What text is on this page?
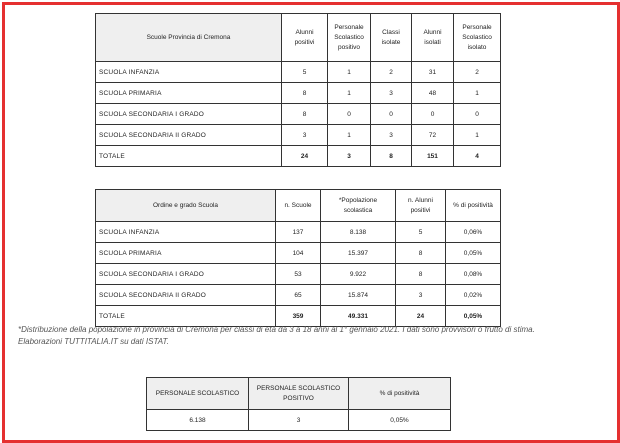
Scuole Provincia di Cremona	Alunni positivi	Personale Scolastico positivo	Classi isolate	Alunni isolati	Personale Scolastico isolato
SCUOLA INFANZIA	5	1	2	31	2
SCUOLA PRIMARIA	8	1	3	48	1
SCUOLA SECONDARIA I GRADO	8	0	0	0	0
SCUOLA SECONDARIA II GRADO	3	1	3	72	1
TOTALE	24	3	8	151	4
Ordine e grado Scuola	n. Scuole	*Popolazione scolastica	n. Alunni positivi	% di positività
SCUOLA INFANZIA	137	8.138	5	0,06%
SCUOLA PRIMARIA	104	15.397	8	0,05%
SCUOLA SECONDARIA I GRADO	53	9.922	8	0,08%
SCUOLA SECONDARIA II GRADO	65	15.874	3	0,02%
TOTALE	359	49.331	24	0,05%

*Distribuzione della popolazione in provincia di Cremona per classi di età da 3 a 18 anni al 1° gennaio 2021. I dati sono provvisori o frutto di stima. Elaborazioni TUTTITALIA.IT su dati ISTAT.

PERSONALE SCOLASTICO	PERSONALE SCOLASTICO POSITIVO	% di positività
6.138	3	0,05%
